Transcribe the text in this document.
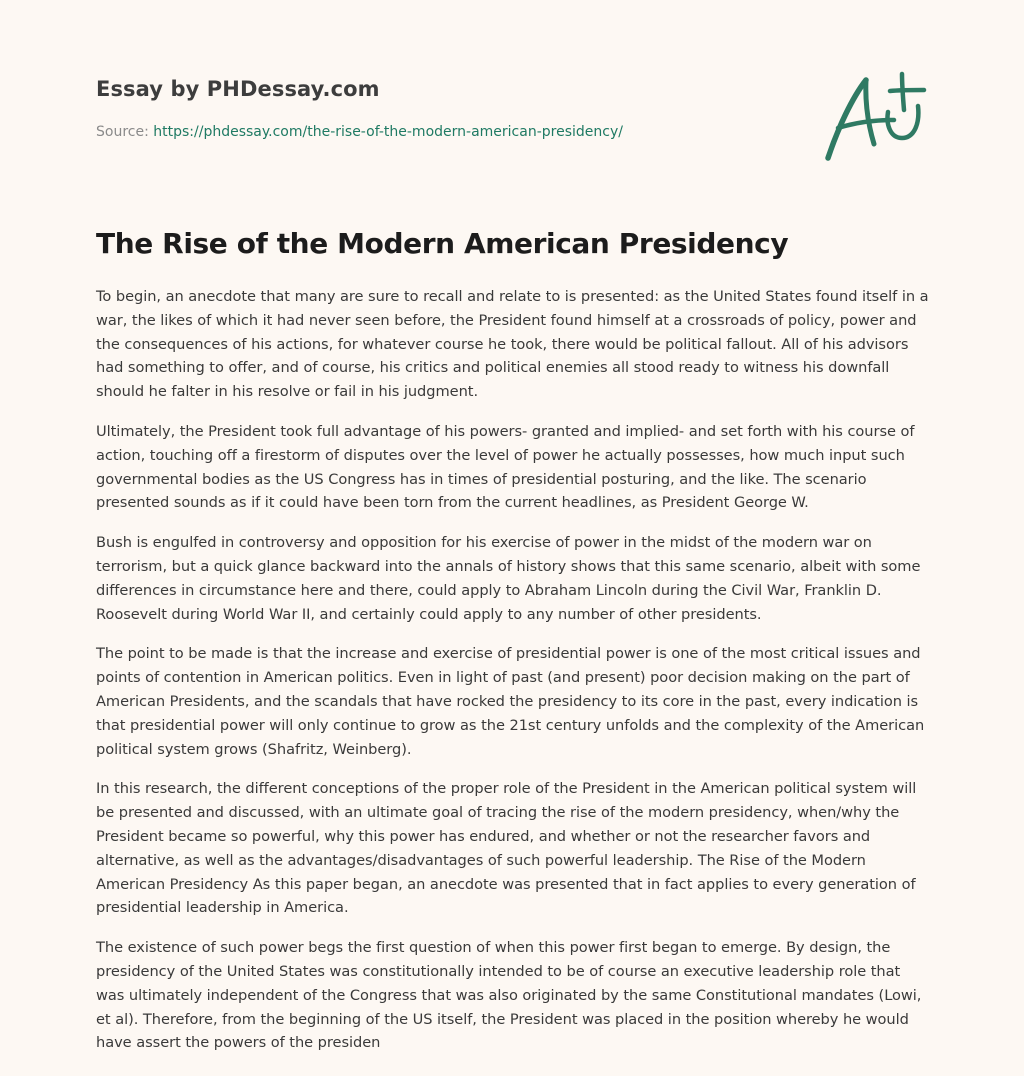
Essay by PHDessay.com
Source: https://phdessay.com/the-rise-of-the-modern-american-presidency/
The Rise of the Modern American Presidency

To begin, an anecdote that many are sure to recall and relate to is presented: as the United States found itself in a war, the likes of which it had never seen before, the President found himself at a crossroads of policy, power and the consequences of his actions, for whatever course he took, there would be political fallout. All of his advisors had something to offer, and of course, his critics and political enemies all stood ready to witness his downfall should he falter in his resolve or fail in his judgment.

Ultimately, the President took full advantage of his powers- granted and implied- and set forth with his course of action, touching off a firestorm of disputes over the level of power he actually possesses, how much input such governmental bodies as the US Congress has in times of presidential posturing, and the like. The scenario presented sounds as if it could have been torn from the current headlines, as President George W.

Bush is engulfed in controversy and opposition for his exercise of power in the midst of the modern war on terrorism, but a quick glance backward into the annals of history shows that this same scenario, albeit with some differences in circumstance here and there, could apply to Abraham Lincoln during the Civil War, Franklin D. Roosevelt during World War II, and certainly could apply to any number of other presidents.

The point to be made is that the increase and exercise of presidential power is one of the most critical issues and points of contention in American politics. Even in light of past (and present) poor decision making on the part of American Presidents, and the scandals that have rocked the presidency to its core in the past, every indication is that presidential power will only continue to grow as the 21st century unfolds and the complexity of the American political system grows (Shafritz, Weinberg).

In this research, the different conceptions of the proper role of the President in the American political system will be presented and discussed, with an ultimate goal of tracing the rise of the modern presidency, when/why the President became so powerful, why this power has endured, and whether or not the researcher favors and alternative, as well as the advantages/disadvantages of such powerful leadership. The Rise of the Modern American Presidency As this paper began, an anecdote was presented that in fact applies to every generation of presidential leadership in America.

The existence of such power begs the first question of when this power first began to emerge. By design, the presidency of the United States was constitutionally intended to be of course an executive leadership role that was ultimately independent of the Congress that was also originated by the same Constitutional mandates (Lowi, et al). Therefore, from the beginning of the US itself, the President was placed in the position whereby he would have assert the powers of the presiden
